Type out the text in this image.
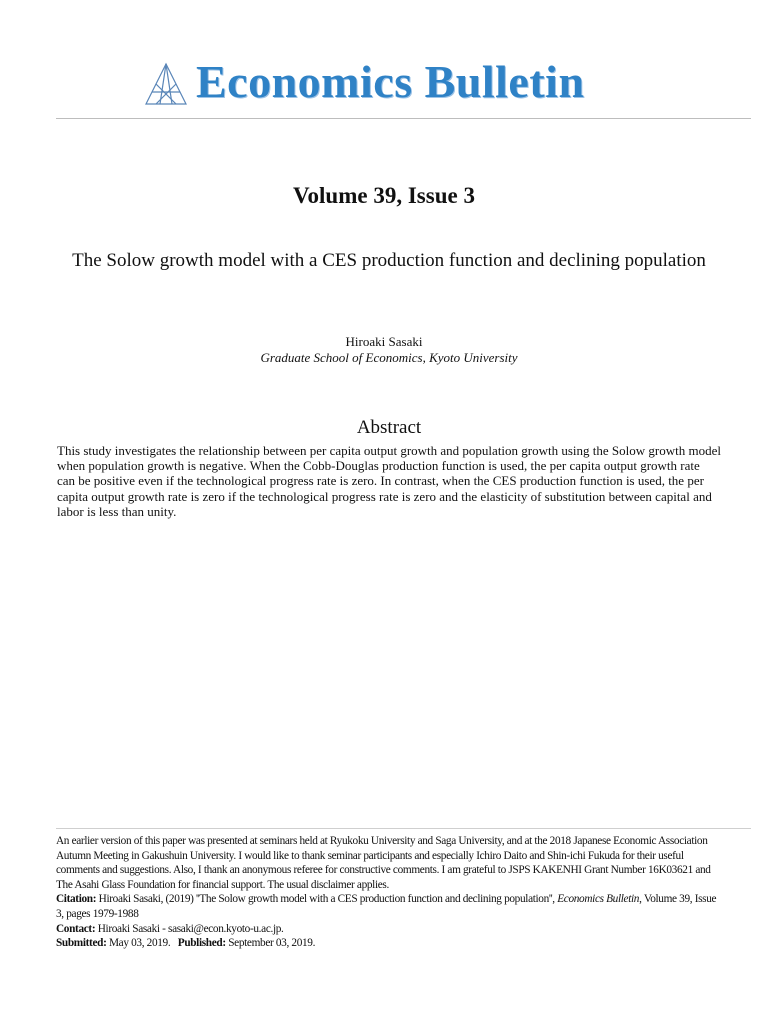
Economics Bulletin
Volume 39, Issue 3
The Solow growth model with a CES production function and declining population
Hiroaki Sasaki
Graduate School of Economics, Kyoto University
Abstract
This study investigates the relationship between per capita output growth and population growth using the Solow growth model when population growth is negative. When the Cobb-Douglas production function is used, the per capita output growth rate can be positive even if the technological progress rate is zero. In contrast, when the CES production function is used, the per capita output growth rate is zero if the technological progress rate is zero and the elasticity of substitution between capital and labor is less than unity.

An earlier version of this paper was presented at seminars held at Ryukoku University and Saga University, and at the 2018 Japanese Economic Association Autumn Meeting in Gakushuin University. I would like to thank seminar participants and especially Ichiro Daito and Shin-ichi Fukuda for their useful comments and suggestions. Also, I thank an anonymous referee for constructive comments. I am grateful to JSPS KAKENHI Grant Number 16K03621 and The Asahi Glass Foundation for financial support. The usual disclaimer applies.

Citation: Hiroaki Sasaki, (2019) ''The Solow growth model with a CES production function and declining population'', Economics Bulletin, Volume 39, Issue 3, pages 1979-1988

Contact: Hiroaki Sasaki - sasaki@econ.kyoto-u.ac.jp.

Submitted: May 03, 2019. Published: September 03, 2019.
